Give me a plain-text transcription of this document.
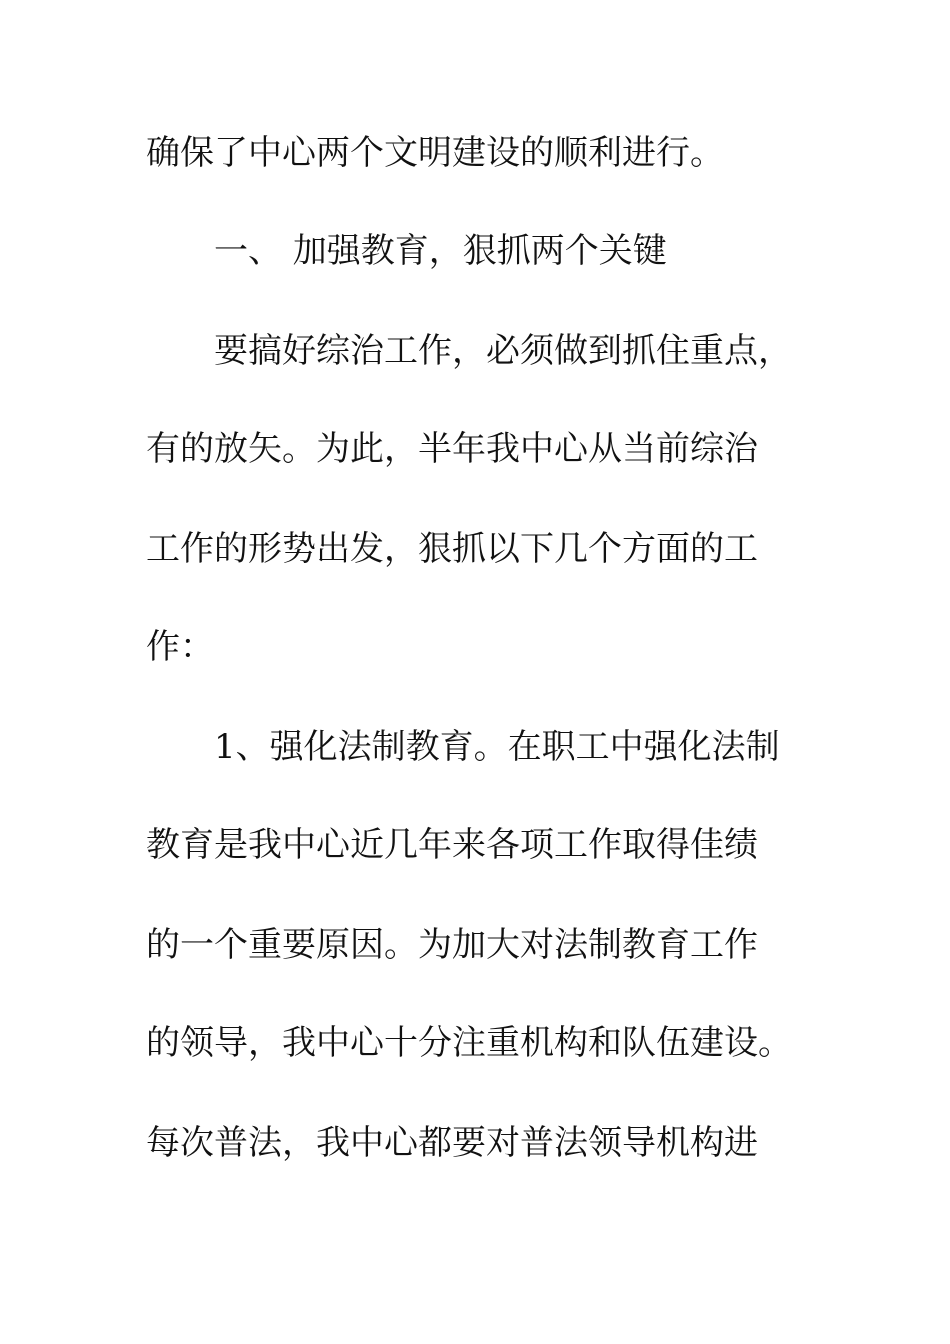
确保了中心两个文明建设的顺利进行。
一、 加强教育，狠抓两个关键
要搞好综治工作，必须做到抓住重点，
有的放矢。为此，半年我中心从当前综治
工作的形势出发，狠抓以下几个方面的工
作：
1、强化法制教育。在职工中强化法制
教育是我中心近几年来各项工作取得佳绩
的一个重要原因。为加大对法制教育工作
的领导，我中心十分注重机构和队伍建设。
每次普法，我中心都要对普法领导机构进
